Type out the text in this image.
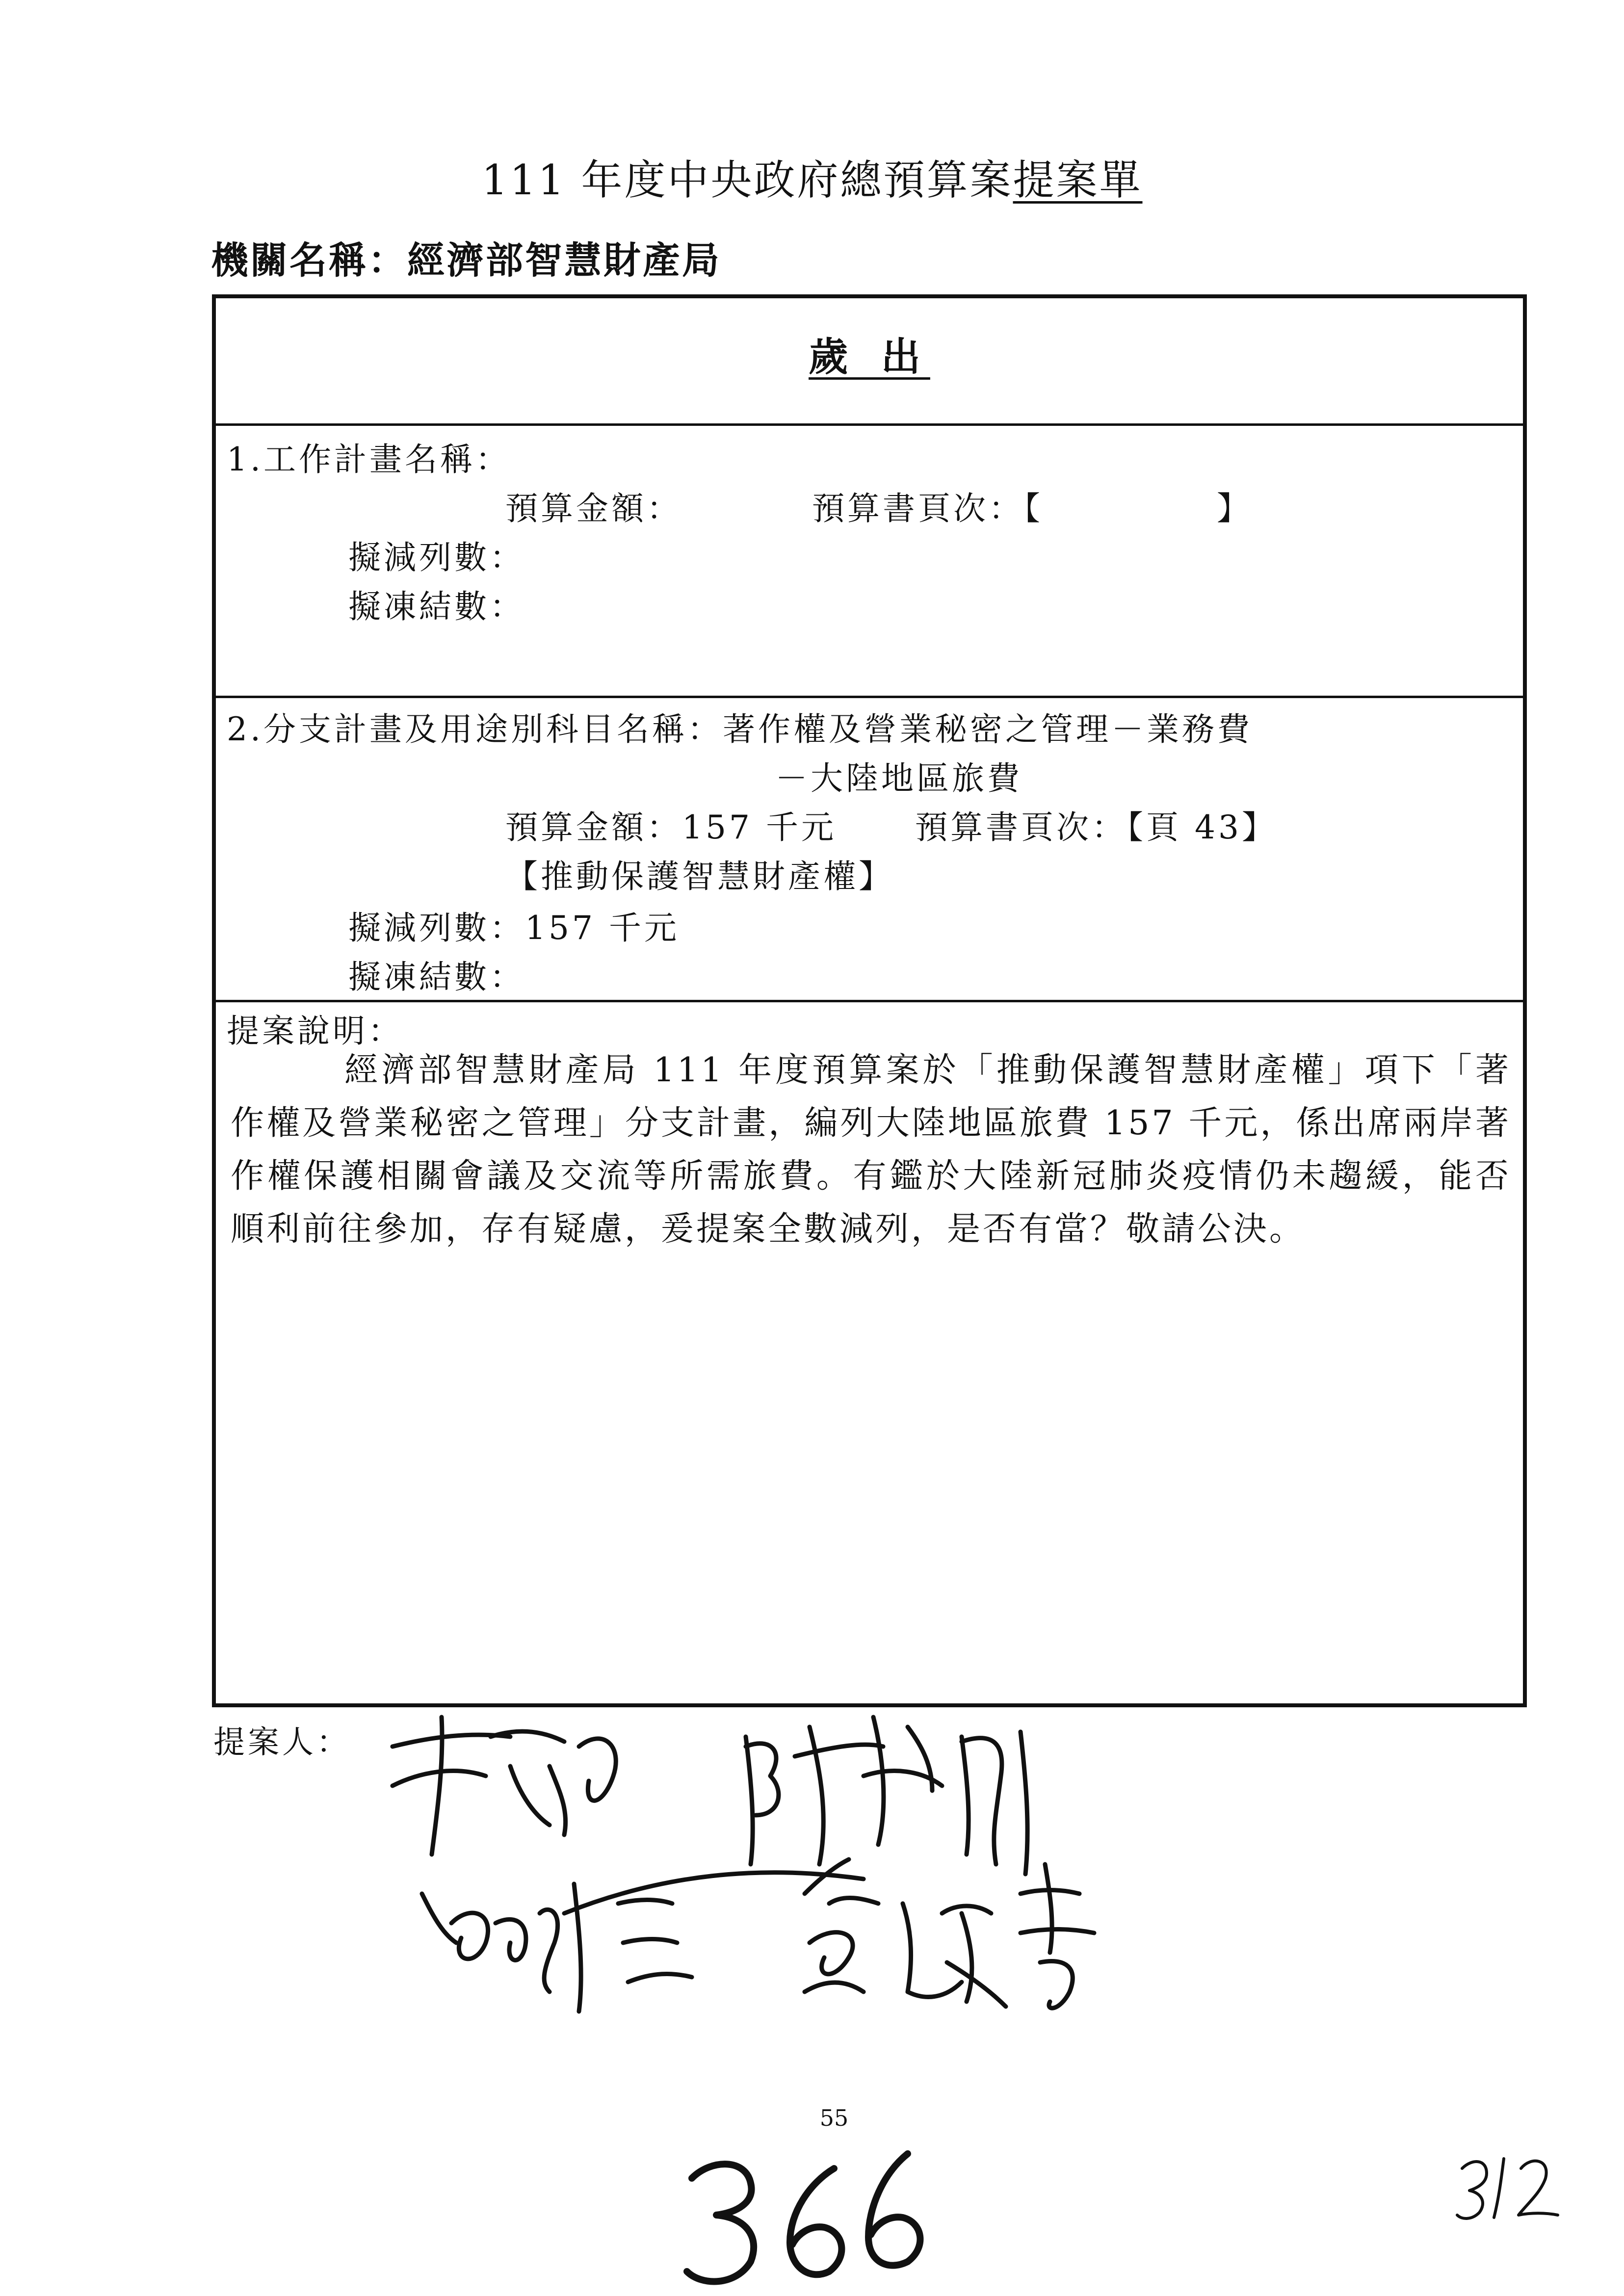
111 年度中央政府總預算案提案單
機關名稱：經濟部智慧財產局
歲 出
1.工作計畫名稱：
預算金額：	預算書頁次：【	】
擬減列數：
擬凍結數：
2.分支計畫及用途別科目名稱：著作權及營業秘密之管理－業務費
－大陸地區旅費
預算金額：157 千元 預算書頁次：【頁 43】
【推動保護智慧財產權】
擬減列數：157 千元
擬凍結數：
提案說明：
經濟部智慧財產局 111 年度預算案於「推動保護智慧財產權」項下「著作權及營業秘密之管理」分支計畫，編列大陸地區旅費 157 千元，係出席兩岸著作權保護相關會議及交流等所需旅費。有鑑於大陸新冠肺炎疫情仍未趨緩，能否順利前往參加，存有疑慮，爰提案全數減列，是否有當？敬請公決。
提案人：
55
